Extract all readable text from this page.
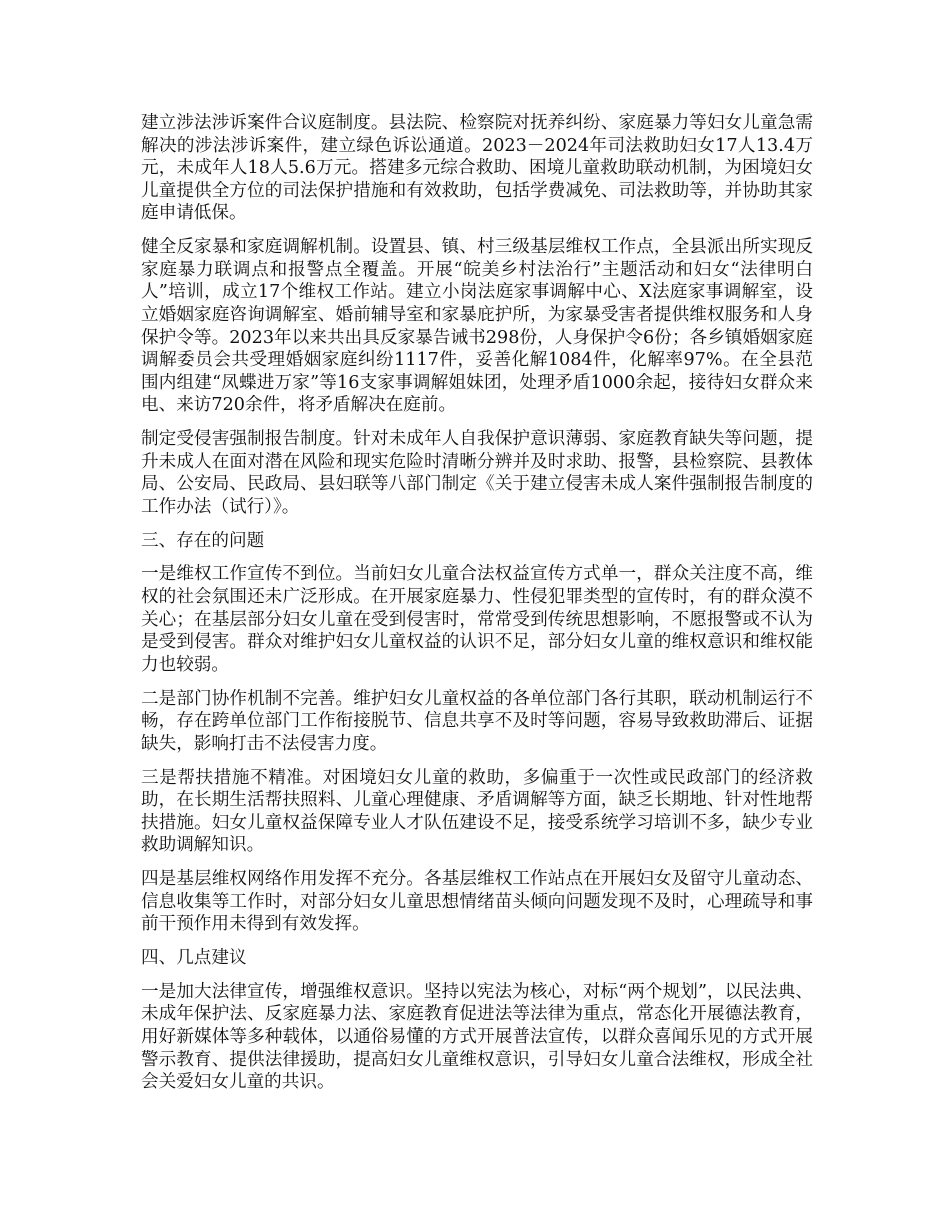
建立涉法涉诉案件合议庭制度。县法院、检察院对抚养纠纷、家庭暴力等妇女儿童急需解决的涉法涉诉案件，建立绿色诉讼通道。2023－2024年司法救助妇女17人13.4万元，未成年人18人5.6万元。搭建多元综合救助、困境儿童救助联动机制，为困境妇女儿童提供全方位的司法保护措施和有效救助，包括学费减免、司法救助等，并协助其家庭申请低保。

健全反家暴和家庭调解机制。设置县、镇、村三级基层维权工作点，全县派出所实现反家庭暴力联调点和报警点全覆盖。开展“皖美乡村法治行”主题活动和妇女“法律明白人”培训，成立17个维权工作站。建立小岗法庭家事调解中心、X法庭家事调解室，设立婚姻家庭咨询调解室、婚前辅导室和家暴庇护所，为家暴受害者提供维权服务和人身保护令等。2023年以来共出具反家暴告诫书298份，人身保护令6份；各乡镇婚姻家庭调解委员会共受理婚姻家庭纠纷1117件，妥善化解1084件，化解率97%。在全县范围内组建“凤蝶进万家”等16支家事调解姐妹团，处理矛盾1000余起，接待妇女群众来电、来访720余件，将矛盾解决在庭前。

制定受侵害强制报告制度。针对未成年人自我保护意识薄弱、家庭教育缺失等问题，提升未成人在面对潜在风险和现实危险时清晰分辨并及时求助、报警，县检察院、县教体局、公安局、民政局、县妇联等八部门制定《关于建立侵害未成人案件强制报告制度的工作办法（试行）》。

三、存在的问题

一是维权工作宣传不到位。当前妇女儿童合法权益宣传方式单一，群众关注度不高，维权的社会氛围还未广泛形成。在开展家庭暴力、性侵犯罪类型的宣传时，有的群众漠不关心；在基层部分妇女儿童在受到侵害时，常常受到传统思想影响，不愿报警或不认为是受到侵害。群众对维护妇女儿童权益的认识不足，部分妇女儿童的维权意识和维权能力也较弱。

二是部门协作机制不完善。维护妇女儿童权益的各单位部门各行其职，联动机制运行不畅，存在跨单位部门工作衔接脱节、信息共享不及时等问题，容易导致救助滞后、证据缺失，影响打击不法侵害力度。

三是帮扶措施不精准。对困境妇女儿童的救助，多偏重于一次性或民政部门的经济救助，在长期生活帮扶照料、儿童心理健康、矛盾调解等方面，缺乏长期地、针对性地帮扶措施。妇女儿童权益保障专业人才队伍建设不足，接受系统学习培训不多，缺少专业救助调解知识。

四是基层维权网络作用发挥不充分。各基层维权工作站点在开展妇女及留守儿童动态、信息收集等工作时，对部分妇女儿童思想情绪苗头倾向问题发现不及时，心理疏导和事前干预作用未得到有效发挥。

四、几点建议

一是加大法律宣传，增强维权意识。坚持以宪法为核心，对标“两个规划”，以民法典、未成年保护法、反家庭暴力法、家庭教育促进法等法律为重点，常态化开展德法教育，用好新媒体等多种载体，以通俗易懂的方式开展普法宣传，以群众喜闻乐见的方式开展警示教育、提供法律援助，提高妇女儿童维权意识，引导妇女儿童合法维权，形成全社会关爱妇女儿童的共识。
